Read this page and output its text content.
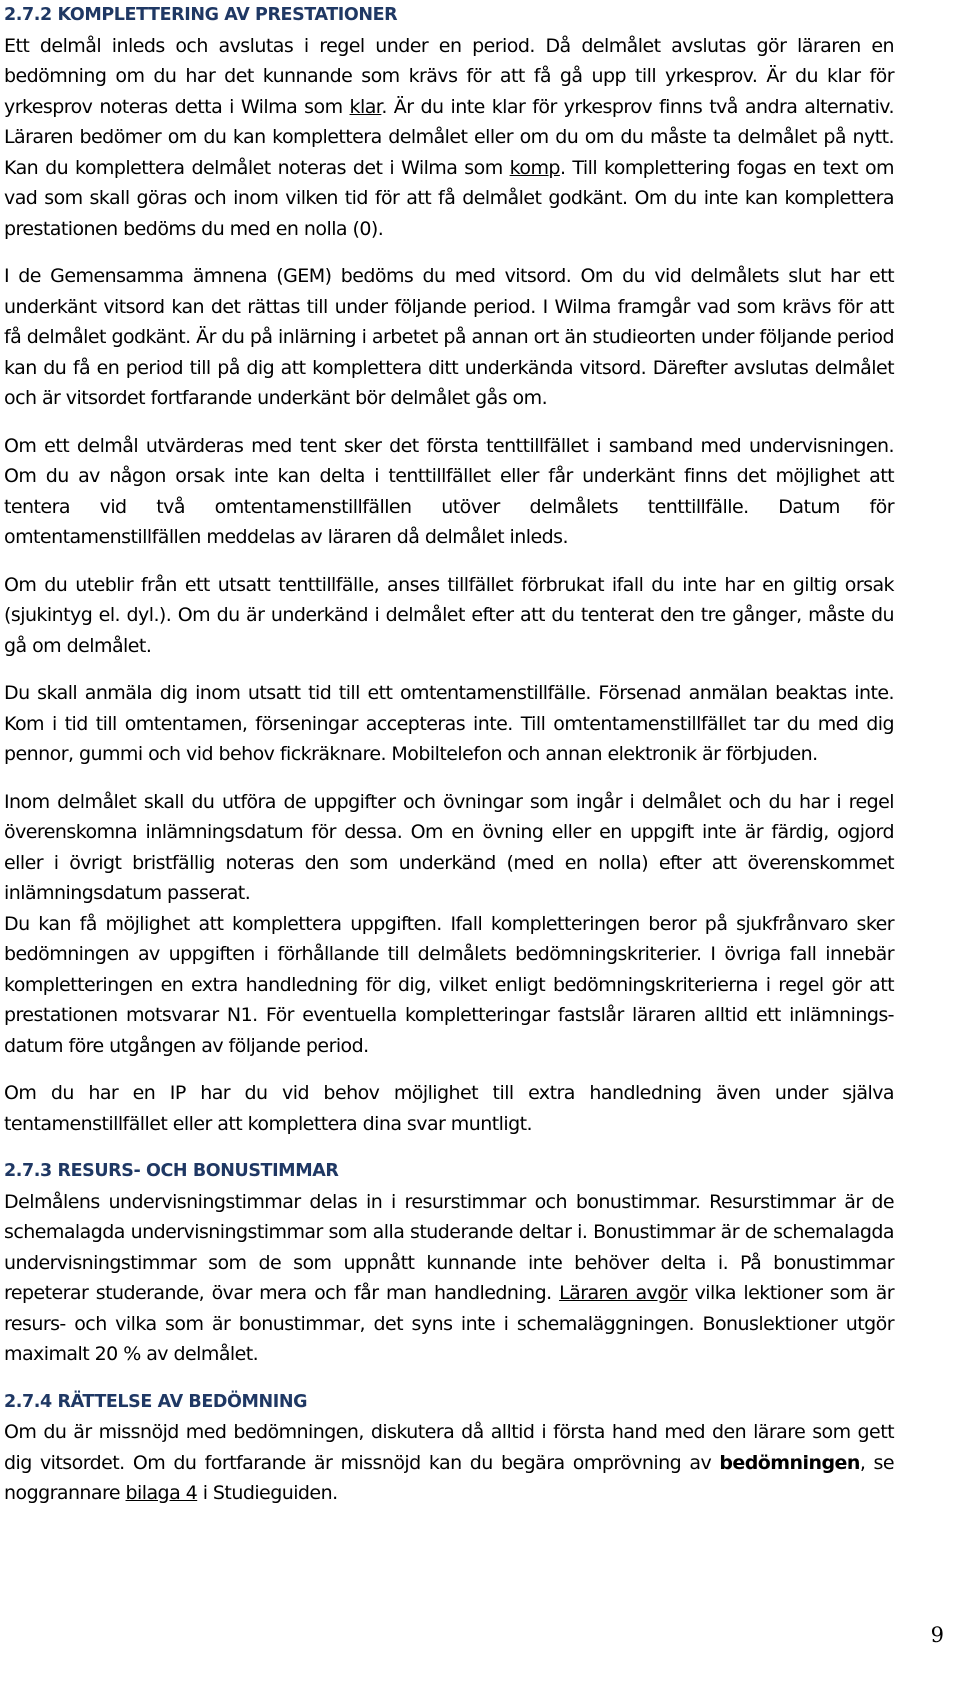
2.7.2 KOMPLETTERING AV PRESTATIONER

Ett delmål inleds och avslutas i regel under en period. Då delmålet avslutas gör läraren en bedömning om du har det kunnande som krävs för att få gå upp till yrkesprov. Är du klar för yrkesprov noteras detta i Wilma som klar. Är du inte klar för yrkesprov finns två andra alternativ. Läraren bedömer om du kan komplettera delmålet eller om du om du måste ta delmålet på nytt. Kan du komplettera delmålet noteras det i Wilma som komp. Till komplettering fogas en text om vad som skall göras och inom vilken tid för att få delmålet godkänt. Om du inte kan komplettera prestationen bedöms du med en nolla (0).

I de Gemensamma ämnena (GEM) bedöms du med vitsord. Om du vid delmålets slut har ett underkänt vitsord kan det rättas till under följande period. I Wilma framgår vad som krävs för att få delmålet godkänt. Är du på inlärning i arbetet på annan ort än studieorten under följande period kan du få en period till på dig att komplettera ditt underkända vitsord. Därefter avslutas delmålet och är vitsordet fortfarande underkänt bör delmålet gås om.

Om ett delmål utvärderas med tent sker det första tenttillfället i samband med undervisningen. Om du av någon orsak inte kan delta i tenttillfället eller får underkänt finns det möjlighet att tentera vid två omtentamenstillfällen utöver delmålets tenttillfälle. Datum för omtentamenstillfällen meddelas av läraren då delmålet inleds.

Om du uteblir från ett utsatt tenttillfälle, anses tillfället förbrukat ifall du inte har en giltig orsak (sjukintyg el. dyl.). Om du är underkänd i delmålet efter att du tenterat den tre gånger, måste du gå om delmålet.

Du skall anmäla dig inom utsatt tid till ett omtentamenstillfälle. Försenad anmälan beaktas inte. Kom i tid till omtentamen, förseningar accepteras inte. Till omtentamenstillfället tar du med dig pennor, gummi och vid behov fickräknare. Mobiltelefon och annan elektronik är förbjuden.

Inom delmålet skall du utföra de uppgifter och övningar som ingår i delmålet och du har i regel överenskomna inlämningsdatum för dessa. Om en övning eller en uppgift inte är färdig, ogjord eller i övrigt bristfällig noteras den som underkänd (med en nolla) efter att överenskommet inlämningsdatum passerat.

Du kan få möjlighet att komplettera uppgiften. Ifall kompletteringen beror på sjukfrånvaro sker bedömningen av uppgiften i förhållande till delmålets bedömningskriterier. I övriga fall innebär kompletteringen en extra handledning för dig, vilket enligt bedömningskriterierna i regel gör att prestationen motsvarar N1. För eventuella kompletteringar fastslår läraren alltid ett inlämnings-datum före utgången av följande period.

Om du har en IP har du vid behov möjlighet till extra handledning även under själva tentamenstillfället eller att komplettera dina svar muntligt.

2.7.3 RESURS- OCH BONUSTIMMAR

Delmålens undervisningstimmar delas in i resurstimmar och bonustimmar. Resurstimmar är de schemalagda undervisningstimmar som alla studerande deltar i. Bonustimmar är de schemalagda undervisningstimmar som de som uppnått kunnande inte behöver delta i. På bonustimmar repeterar studerande, övar mera och får man handledning. Läraren avgör vilka lektioner som är resurs- och vilka som är bonustimmar, det syns inte i schemaläggningen. Bonuslektioner utgör maximalt 20 % av delmålet.

2.7.4 RÄTTELSE AV BEDÖMNING

Om du är missnöjd med bedömningen, diskutera då alltid i första hand med den lärare som gett dig vitsordet. Om du fortfarande är missnöjd kan du begära omprövning av bedömningen, se noggrannare bilaga 4 i Studieguiden.

9
